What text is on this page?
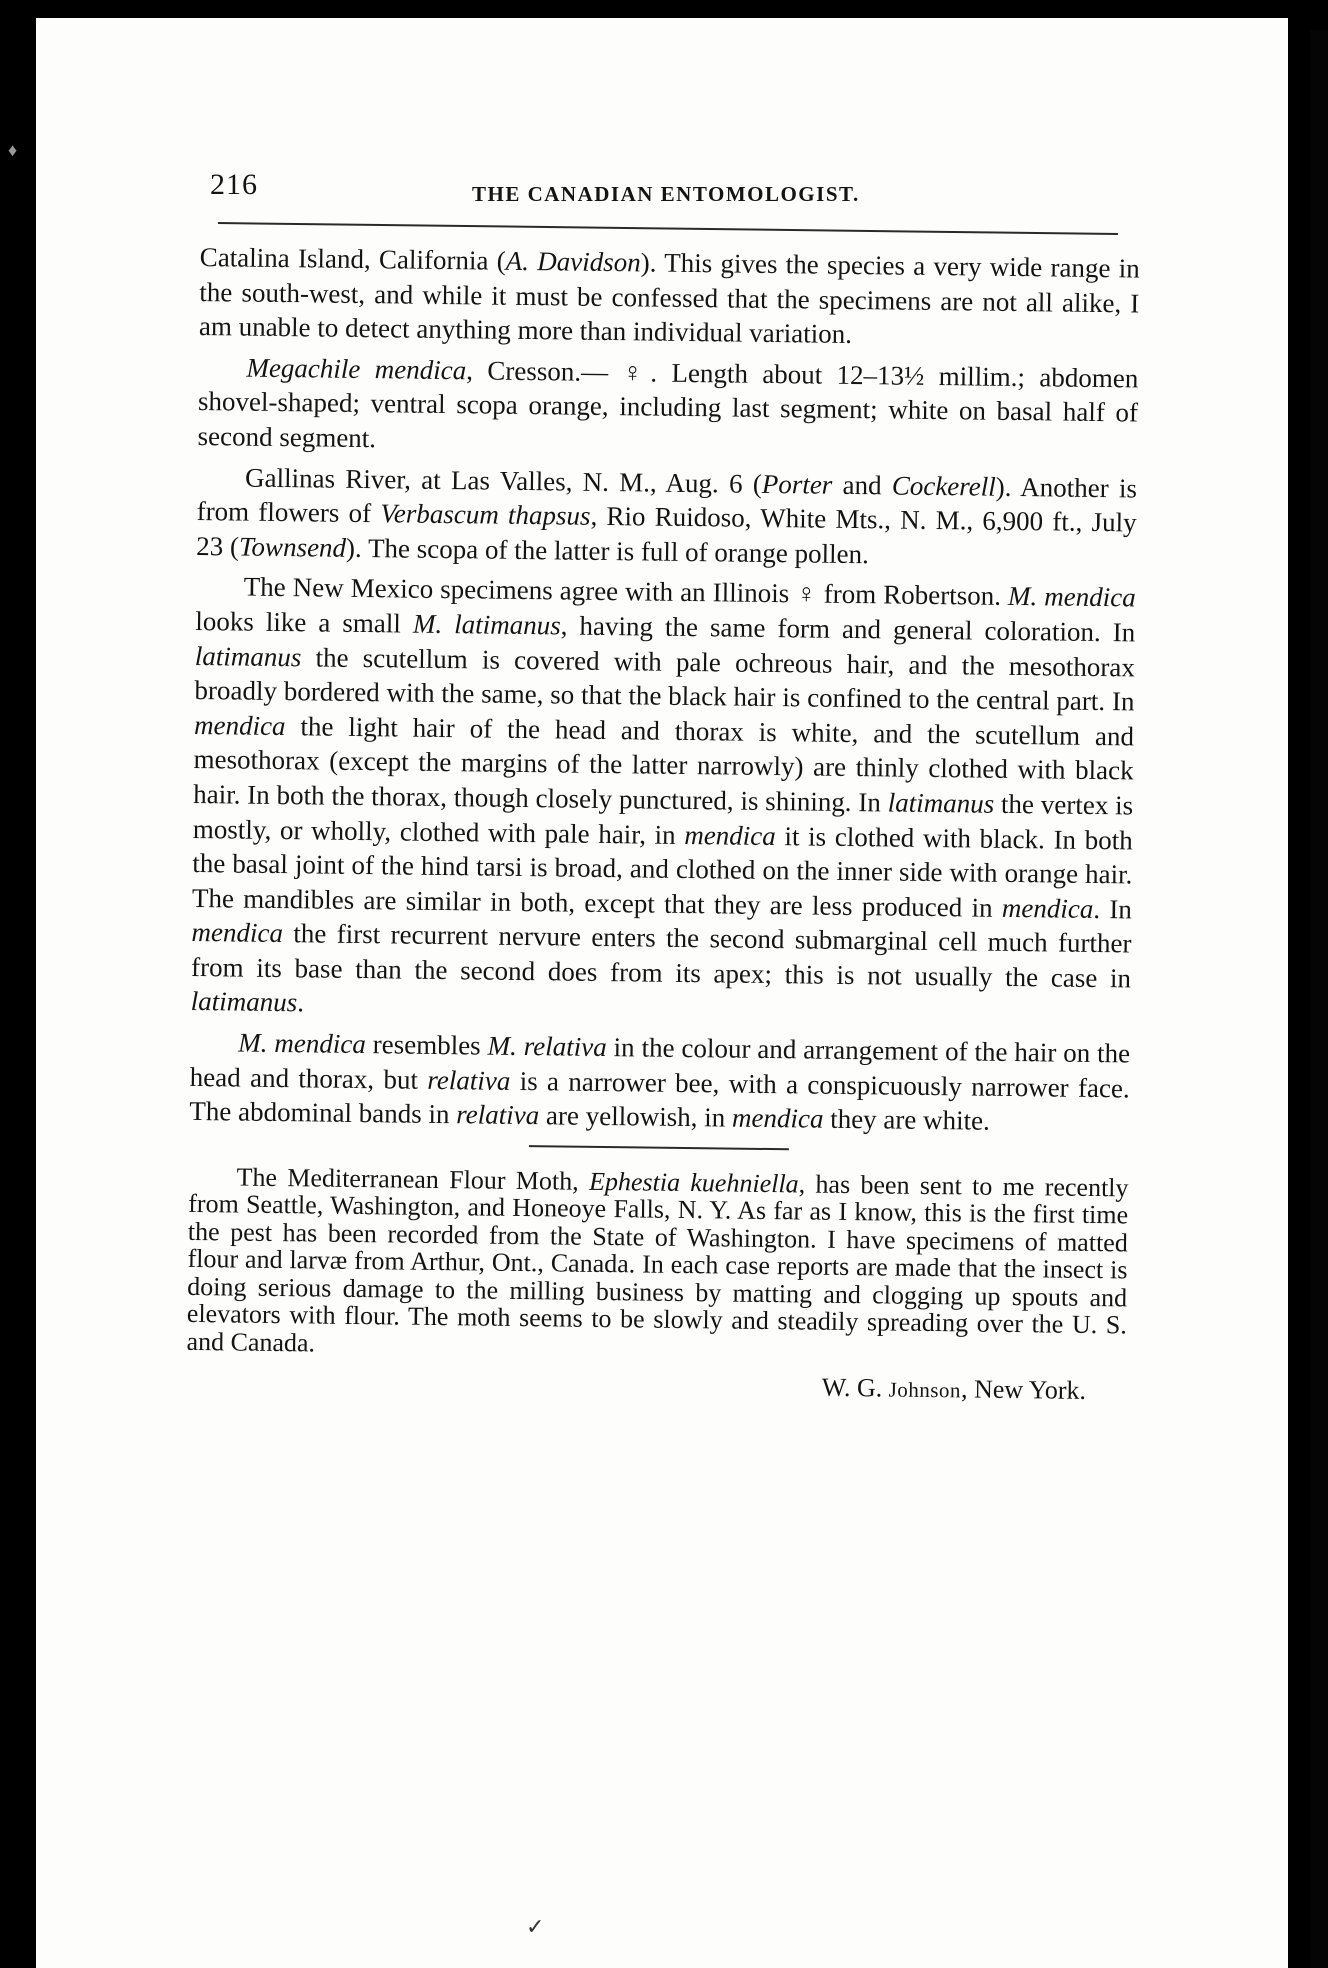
♦
216	THE CANADIAN ENTOMOLOGIST.

Catalina Island, California (A. Davidson). This gives the species a very wide range in the south-west, and while it must be confessed that the specimens are not all alike, I am unable to detect anything more than individual variation.

Megachile mendica, Cresson.— ♀. Length about 12–13½ millim.; abdomen shovel-shaped; ventral scopa orange, including last segment; white on basal half of second segment.

Gallinas River, at Las Valles, N. M., Aug. 6 (Porter and Cockerell). Another is from flowers of Verbascum thapsus, Rio Ruidoso, White Mts., N. M., 6,900 ft., July 23 (Townsend). The scopa of the latter is full of orange pollen.

The New Mexico specimens agree with an Illinois ♀ from Robertson. M. mendica looks like a small M. latimanus, having the same form and general coloration. In latimanus the scutellum is covered with pale ochreous hair, and the mesothorax broadly bordered with the same, so that the black hair is confined to the central part. In mendica the light hair of the head and thorax is white, and the scutellum and mesothorax (except the margins of the latter narrowly) are thinly clothed with black hair. In both the thorax, though closely punctured, is shining. In latimanus the vertex is mostly, or wholly, clothed with pale hair, in mendica it is clothed with black. In both the basal joint of the hind tarsi is broad, and clothed on the inner side with orange hair. The mandibles are similar in both, except that they are less produced in mendica. In mendica the first recurrent nervure enters the second submarginal cell much further from its base than the second does from its apex; this is not usually the case in latimanus.

M. mendica resembles M. relativa in the colour and arrangement of the hair on the head and thorax, but relativa is a narrower bee, with a conspicuously narrower face. The abdominal bands in relativa are yellowish, in mendica they are white.

The Mediterranean Flour Moth, Ephestia kuehniella, has been sent to me recently from Seattle, Washington, and Honeoye Falls, N. Y. As far as I know, this is the first time the pest has been recorded from the State of Washington. I have specimens of matted flour and larvæ from Arthur, Ont., Canada. In each case reports are made that the insect is doing serious damage to the milling business by matting and clogging up spouts and elevators with flour. The moth seems to be slowly and steadily spreading over the U. S. and Canada.

W. G. Johnson, New York.
✓
